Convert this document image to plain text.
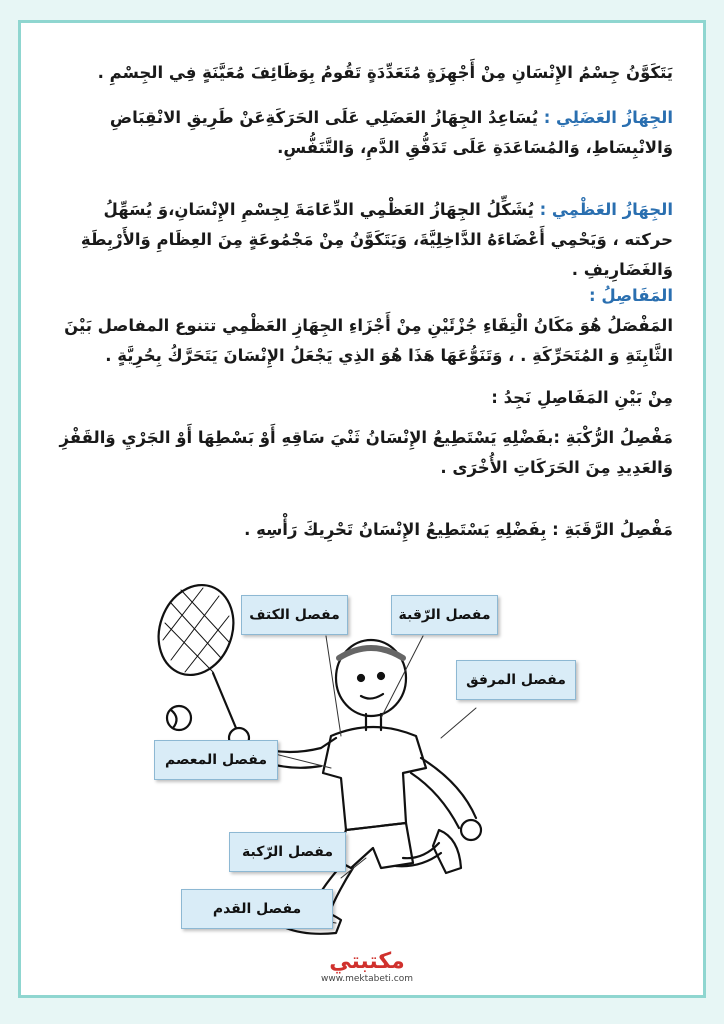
يَتَكَوَّنُ جِسْمُ الإِنْسَانِ مِنْ أَجْهِزَةٍ مُتَعَدِّدَةٍ تَقُومُ بِوَظَائِفَ مُعَيَّنَةٍ فِي الجِسْمِ .
الجِهَازُ العَضَلِي : يُسَاعِدُ الجِهَازُ العَضَلِي عَلَى الحَرَكَةِعَنْ طَرِيقِ الانْقِبَاضِ وَالانْبِسَاطِ، وَالمُسَاعَدَةِ عَلَى تَدَفُّقِ الدَّمِ، وَالتَّنَفُّسِ.
الجِهَازُ العَظْمِي : يُشَكِّلُ الجِهَازُ العَظْمِي الدِّعَامَةَ لِجِسْمِ الإِنْسَانِ،وَ يُسَهِّلُ حركته ، وَيَحْمِي أَعْضَاءَهُ الدَّاخِلِيَّةَ، وَيَتَكَوَّنُ مِنْ مَجْمُوعَةٍ مِنَ العِظَامِ وَالأَرْبِطَةِ وَالغَضَارِيفِ .
المَفَاصِلُ :
المَفْصَلُ هُوَ مَكَانُ الْتِقَاءِ جُزْئَيْنِ مِنْ أَجْزَاءِ الجِهَازِ العَظْمِي تتنوع المفاصل بَيْنَ الثَّابِتَةِ وَ المُتَحَرِّكَةِ . ، وَتَنَوُّعَهَا هَذَا هُوَ الذِي يَجْعَلُ الإِنْسَانَ يَتَحَرَّكُ بِحُرِيَّةٍ .
مِنْ بَيْنِ المَفَاصِلِ نَجِدُ :
مَفْصِلُ الرُّكْبَةِ :بفَضْلِهِ يَسْتَطِيعُ الإِنْسَانُ ثَنْيَ سَاقِهِ أَوْ بَسْطِهَا أَوْ الجَرْيِ وَالقَفْزِ وَالعَدِيدِ مِنَ الحَرَكَاتِ الأُخْرَى .
مَفْصِلُ الرَّقَبَةِ : بِفَضْلِهِ يَسْتَطِيعُ الإِنْسَانُ تَحْرِيكَ رَأْسِهِ .
مفصل الكتف	مفصل الرّقبة
مفصل المرفق
مفصل المعصم
مفصل الرّكبة
مفصل القدم
مكتبتي
www.mektabeti.com
